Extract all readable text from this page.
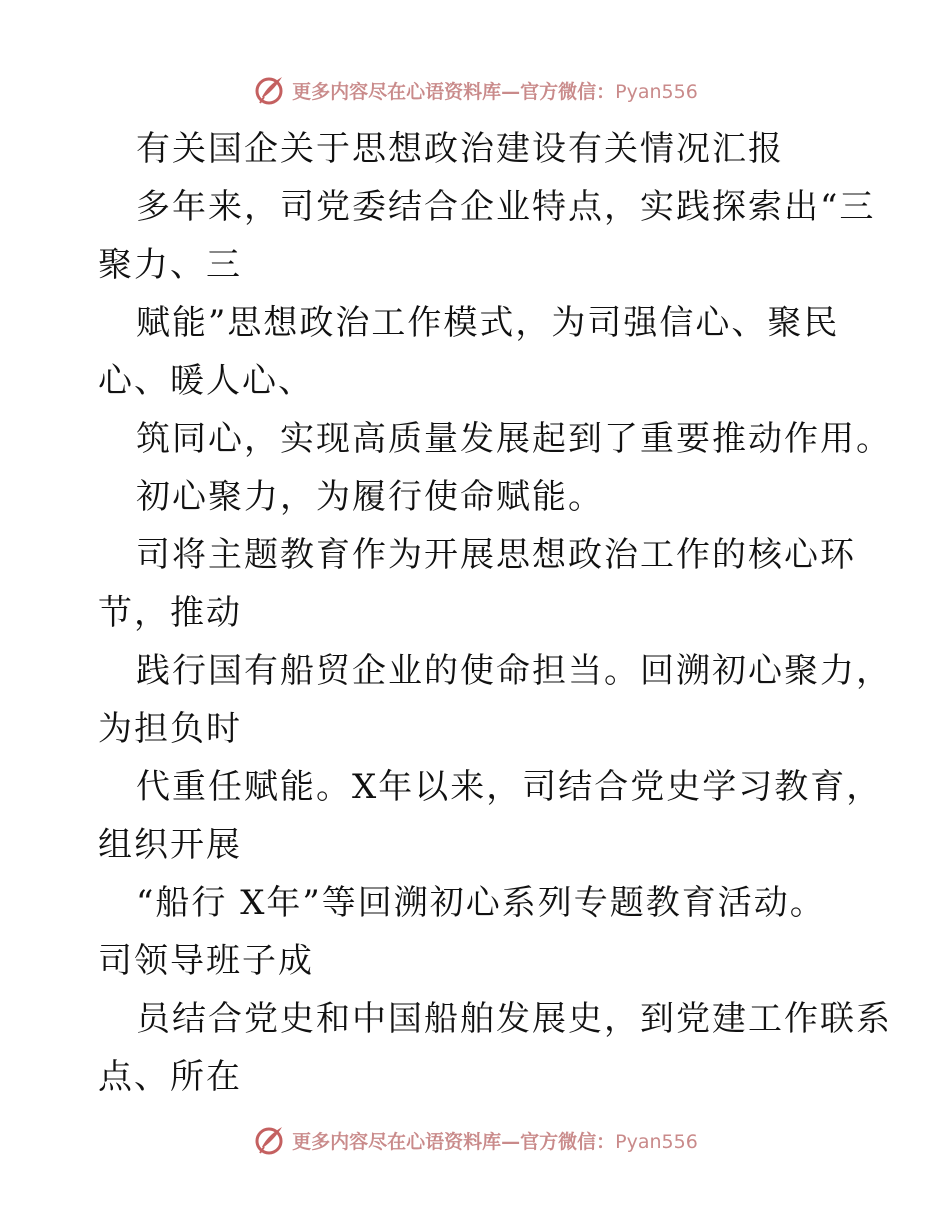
更多内容尽在心语资料库—官方微信：Pyan556
有关国企关于思想政治建设有关情况汇报
多年来，司党委结合企业特点，实践探索出“三
聚力、三
赋能”思想政治工作模式，为司强信心、聚民
心、暖人心、
筑同心，实现高质量发展起到了重要推动作用。
初心聚力，为履行使命赋能。
司将主题教育作为开展思想政治工作的核心环
节，推动
践行国有船贸企业的使命担当。回溯初心聚力，
为担负时
代重任赋能。X年以来，司结合党史学习教育，
组织开展
“船行 X年”等回溯初心系列专题教育活动。
司领导班子成
员结合党史和中国船舶发展史，到党建工作联系
点、所在
更多内容尽在心语资料库—官方微信：Pyan556
